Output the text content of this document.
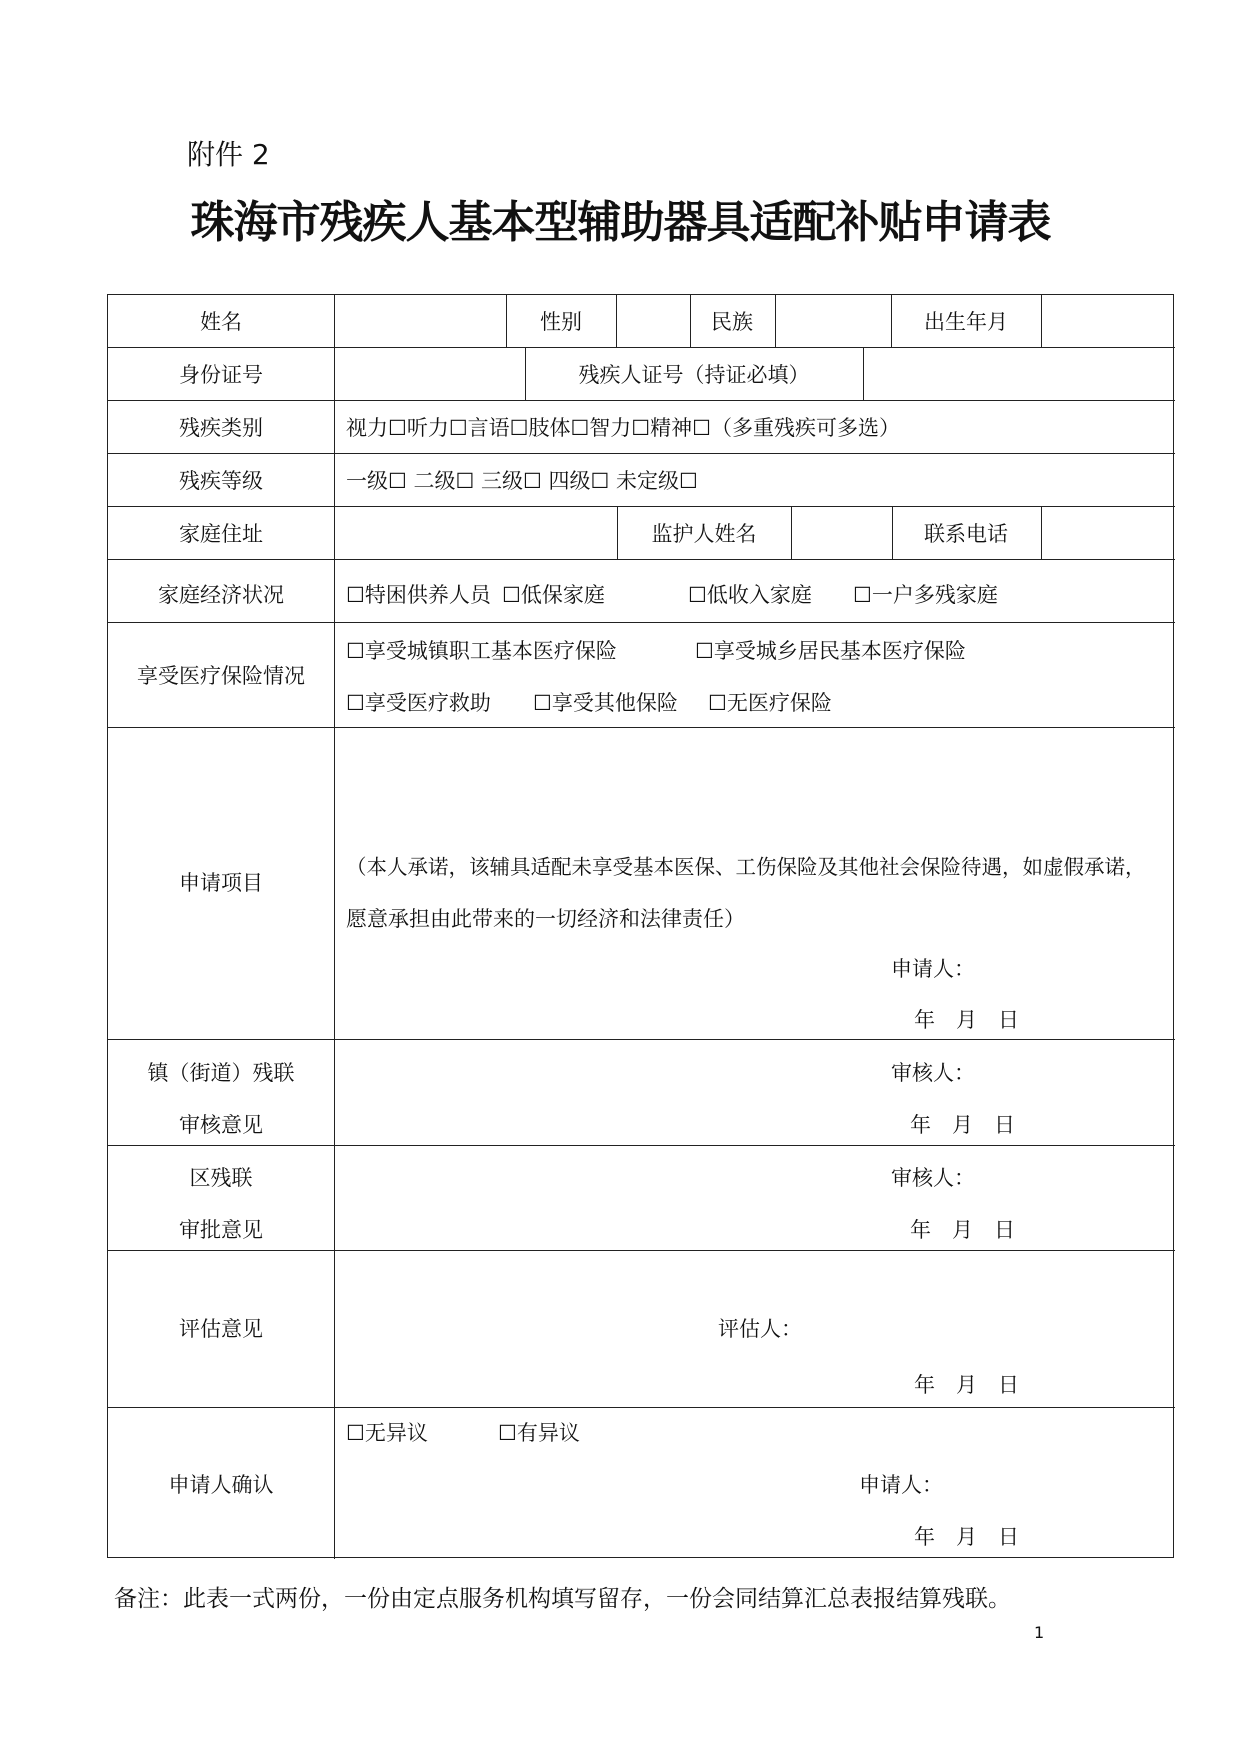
附件 2
珠海市残疾人基本型辅助器具适配补贴申请表
姓名	性别	民族	出生年月
身份证号	残疾人证号（持证必填）
残疾类别	视力☐听力☐言语☐肢体☐智力☐精神☐（多重残疾可多选）
残疾等级	一级☐ 二级☐ 三级☐ 四级☐ 未定级☐
家庭住址	监护人姓名	联系电话
家庭经济状况	☐特困供养人员 ☐低保家庭	☐低收入家庭 ☐一户多残家庭
享受医疗保险情况
☐享受城镇职工基本医疗保险	☐享受城乡居民基本医疗保险
☐享受医疗救助 ☐享受其他保险 ☐无医疗保险
申请项目
（本人承诺，该辅具适配未享受基本医保、工伤保险及其他社会保险待遇，如虚假承诺，
愿意承担由此带来的一切经济和法律责任）
申请人：
年　月　日
镇（街道）残联
审核意见
审核人：
年　月　日
区残联
审批意见
审核人：
年　月　日
评估意见	评估人：
年　月　日
申请人确认
☐无异议	☐有异议
申请人：
年　月　日
备注：此表一式两份，一份由定点服务机构填写留存，一份会同结算汇总表报结算残联。
1
